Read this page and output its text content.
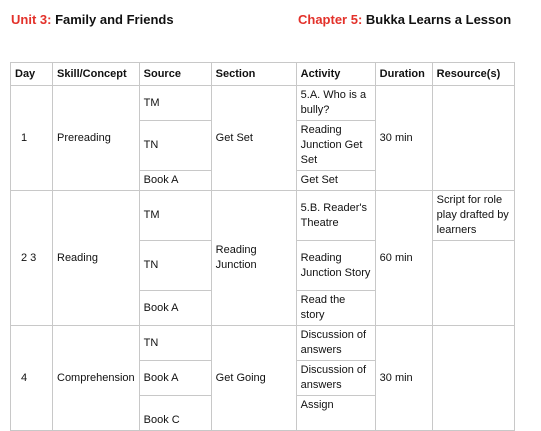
Unit 3: Family and Friends	Chapter 5: Bukka Learns a Lesson
Day	Skill/Concept	Source	Section	Activity	Duration	Resource(s)
1	Prereading	TM	Get Set	5.A. Who is a bully?	30 min	
		TN		Reading Junction Get Set		
		Book A		Get Set		
2 3	Reading	TM	Reading Junction	5.B. Reader's Theatre	60 min	Script for role play drafted by learners
		TN		Reading Junction Story		
		Book A		Read the story		
4	Comprehension	TN	Get Going	Discussion of answers	30 min	
		Book A		Discussion of answers		
		Book C		Assign		
